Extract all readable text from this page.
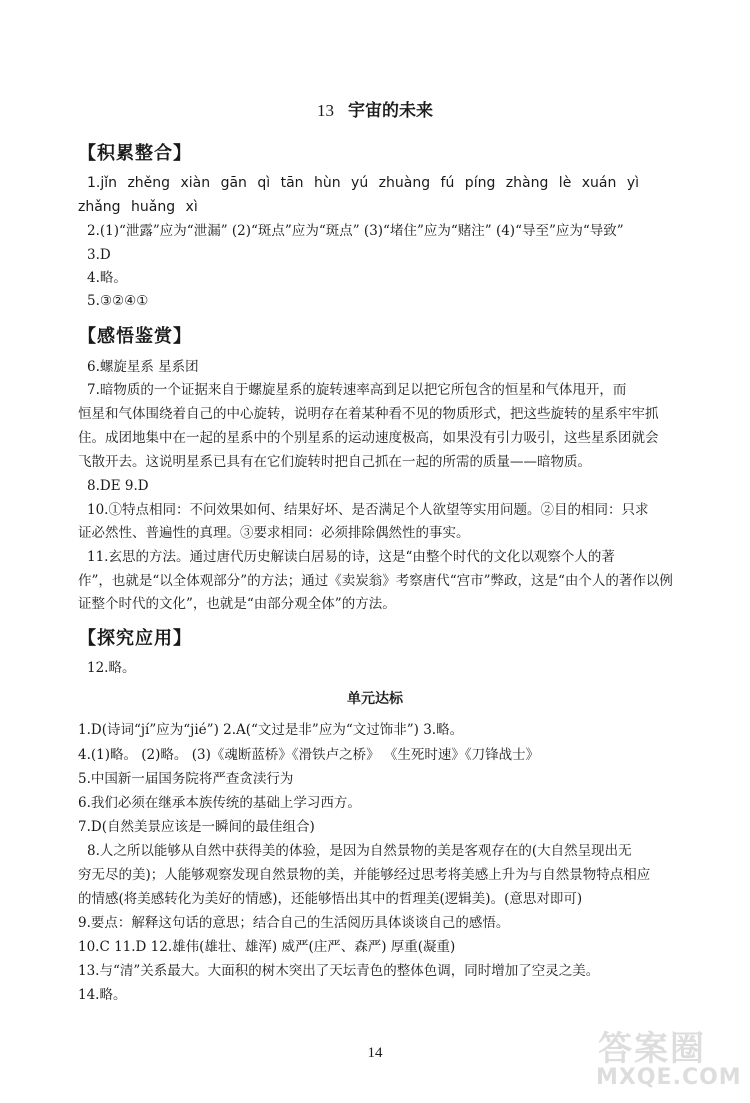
13 宇宙的未来
【积累整合】
1.jǐn zhěng xiàn gān qì tān hùn yú zhuàng fú píng zhàng lè xuán yì
zhǎng huǎng xì
2.(1)“泄露”应为“泄漏” (2)“斑点”应为“斑点” (3)“堵住”应为“赌注” (4)“导至”应为“导致”
3.D
4.略。
5.③②④①
【感悟鉴赏】
6.螺旋星系 星系团
7.暗物质的一个证据来自于螺旋星系的旋转速率高到足以把它所包含的恒星和气体甩开，而
恒星和气体围绕着自己的中心旋转，说明存在着某种看不见的物质形式，把这些旋转的星系牢牢抓
住。成团地集中在一起的星系中的个别星系的运动速度极高，如果没有引力吸引，这些星系团就会
飞散开去。这说明星系已具有在它们旋转时把自己抓在一起的所需的质量——暗物质。
8.DE 9.D
10.①特点相同：不问效果如何、结果好坏、是否满足个人欲望等实用问题。②目的相同：只求
证必然性、普遍性的真理。③要求相同：必须排除偶然性的事实。
11.玄思的方法。通过唐代历史解读白居易的诗，这是“由整个时代的文化以观察个人的著
作”，也就是“以全体观部分”的方法；通过《卖炭翁》考察唐代“宫市”弊政，这是“由个人的著作以例
证整个时代的文化”，也就是“由部分观全体”的方法。
【探究应用】
12.略。
单元达标
1.D(诗词“jí”应为“jié”) 2.A(“文过是非”应为“文过饰非”) 3.略。
4.(1)略。 (2)略。 (3)《魂断蓝桥》《滑铁卢之桥》 《生死时速》《刀锋战士》
5.中国新一届国务院将严查贪渎行为
6.我们必须在继承本族传统的基础上学习西方。
7.D(自然美景应该是一瞬间的最佳组合)
8.人之所以能够从自然中获得美的体验，是因为自然景物的美是客观存在的(大自然呈现出无
穷无尽的美)；人能够观察发现自然景物的美，并能够经过思考将美感上升为与自然景物特点相应
的情感(将美感转化为美好的情感)，还能够悟出其中的哲理美(逻辑美)。(意思对即可)
9.要点：解释这句话的意思；结合自己的生活阅历具体谈谈自己的感悟。
10.C 11.D 12.雄伟(雄壮、雄浑) 威严(庄严、森严) 厚重(凝重)
13.与“清”关系最大。大面积的树木突出了天坛青色的整体色调，同时增加了空灵之美。
14.略。
14	答案圈
MXQE.COM
